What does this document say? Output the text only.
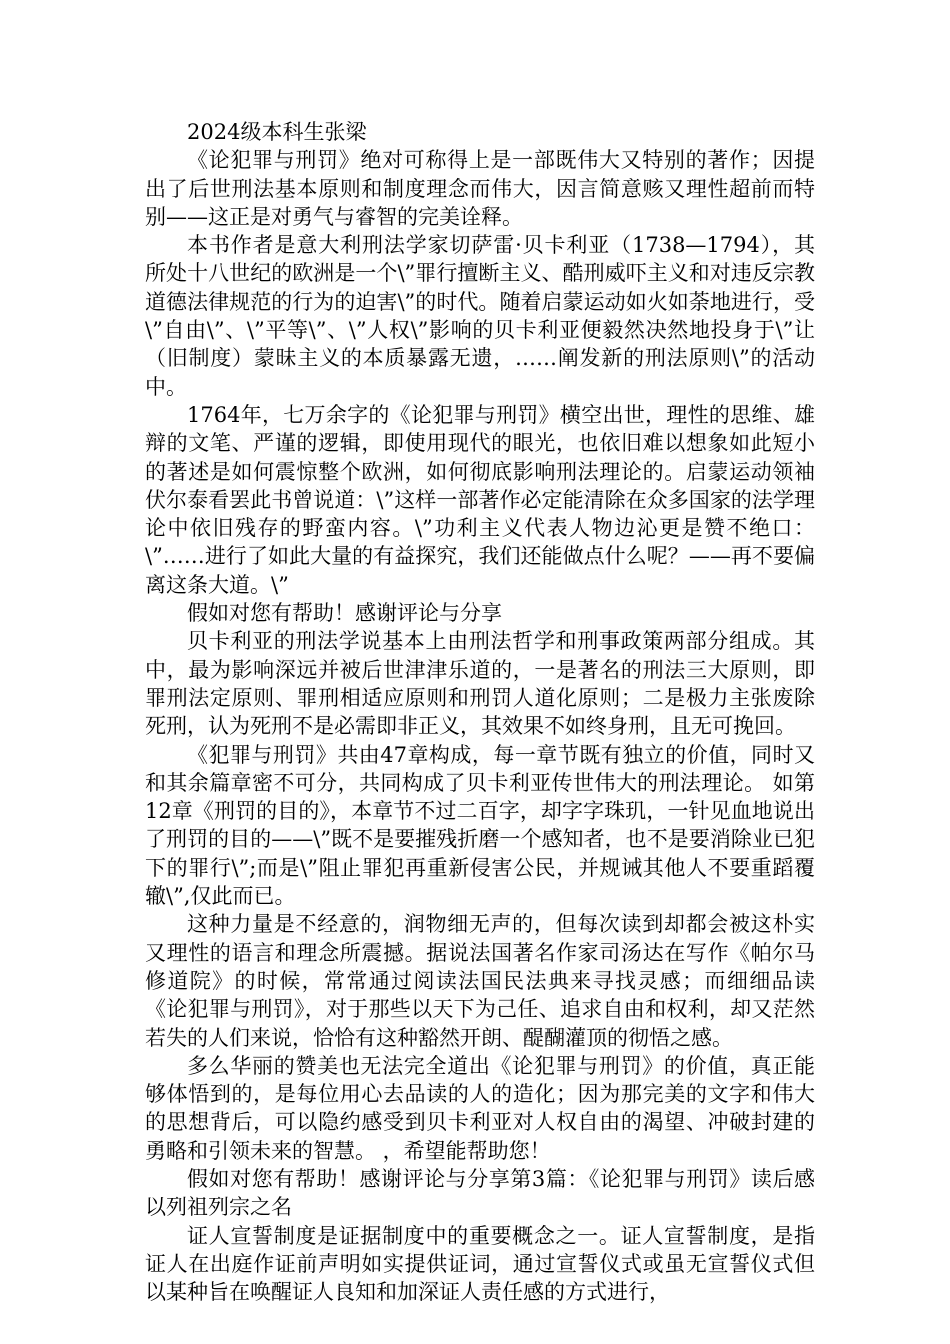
2024级本科生张梁

《论犯罪与刑罚》绝对可称得上是一部既伟大又特别的著作；因提出了后世刑法基本原则和制度理念而伟大，因言简意赅又理性超前而特别——这正是对勇气与睿智的完美诠释。

本书作者是意大利刑法学家切萨雷·贝卡利亚（1738—1794），其所处十八世纪的欧洲是一个\”罪行擅断主义、酷刑威吓主义和对违反宗教道德法律规范的行为的迫害\”的时代。随着启蒙运动如火如荼地进行，受\”自由\”、\”平等\”、\”人权\”影响的贝卡利亚便毅然决然地投身于\”让（旧制度）蒙昧主义的本质暴露无遗，……阐发新的刑法原则\”的活动中。

1764年，七万余字的《论犯罪与刑罚》横空出世，理性的思维、雄辩的文笔、严谨的逻辑，即使用现代的眼光，也依旧难以想象如此短小的著述是如何震惊整个欧洲，如何彻底影响刑法理论的。启蒙运动领袖伏尔泰看罢此书曾说道：\”这样一部著作必定能清除在众多国家的法学理论中依旧残存的野蛮内容。\”功利主义代表人物边沁更是赞不绝口：\”……进行了如此大量的有益探究，我们还能做点什么呢？——再不要偏离这条大道。\”

假如对您有帮助！感谢评论与分享

贝卡利亚的刑法学说基本上由刑法哲学和刑事政策两部分组成。其中，最为影响深远并被后世津津乐道的，一是著名的刑法三大原则，即罪刑法定原则、罪刑相适应原则和刑罚人道化原则；二是极力主张废除死刑，认为死刑不是必需即非正义，其效果不如终身刑，且无可挽回。

《犯罪与刑罚》共由47章构成，每一章节既有独立的价值，同时又和其余篇章密不可分，共同构成了贝卡利亚传世伟大的刑法理论。 如第12章《刑罚的目的》，本章节不过二百字，却字字珠玑，一针见血地说出了刑罚的目的——\”既不是要摧残折磨一个感知者，也不是要消除业已犯下的罪行\”;而是\”阻止罪犯再重新侵害公民，并规诫其他人不要重蹈覆辙\”,仅此而已。

这种力量是不经意的，润物细无声的，但每次读到却都会被这朴实又理性的语言和理念所震撼。据说法国著名作家司汤达在写作《帕尔马修道院》的时候，常常通过阅读法国民法典来寻找灵感；而细细品读《论犯罪与刑罚》，对于那些以天下为己任、追求自由和权利，却又茫然若失的人们来说，恰恰有这种豁然开朗、醍醐灌顶的彻悟之感。

多么华丽的赞美也无法完全道出《论犯罪与刑罚》的价值，真正能够体悟到的，是每位用心去品读的人的造化；因为那完美的文字和伟大的思想背后，可以隐约感受到贝卡利亚对人权自由的渴望、冲破封建的勇略和引领未来的智慧。 ，希望能帮助您！

假如对您有帮助！感谢评论与分享第3篇：《论犯罪与刑罚》读后感以列祖列宗之名

证人宣誓制度是证据制度中的重要概念之一。证人宣誓制度，是指证人在出庭作证前声明如实提供证词，通过宣誓仪式或虽无宣誓仪式但以某种旨在唤醒证人良知和加深证人责任感的方式进行，
